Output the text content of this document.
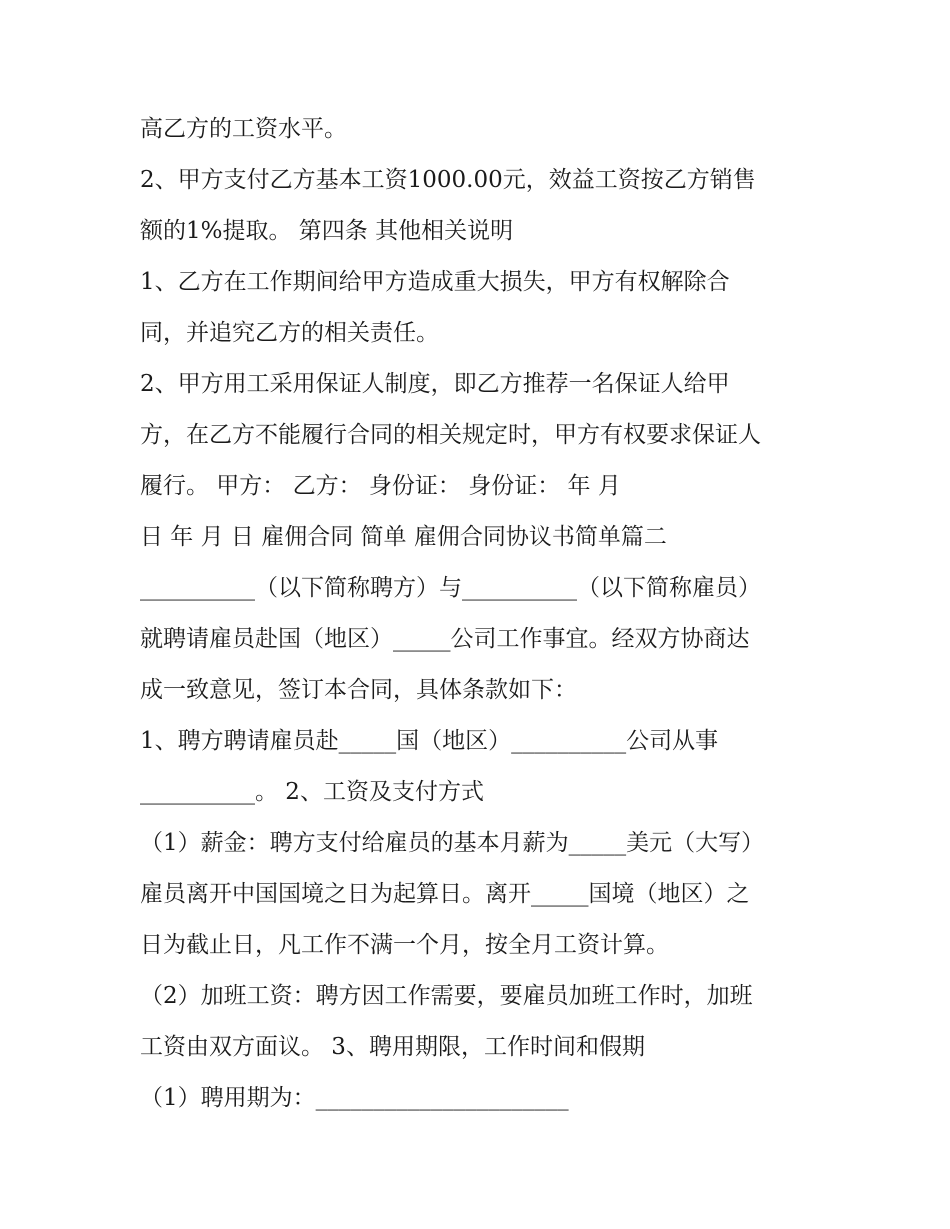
高乙方的工资水平。
2、甲方支付乙方基本工资1000.00元，效益工资按乙方销售
额的1%提取。 第四条 其他相关说明
1、乙方在工作期间给甲方造成重大损失，甲方有权解除合
同，并追究乙方的相关责任。
2、甲方用工采用保证人制度，即乙方推荐一名保证人给甲
方，在乙方不能履行合同的相关规定时，甲方有权要求保证人
履行。 甲方： 乙方： 身份证： 身份证： 年 月
日 年 月 日 雇佣合同 简单 雇佣合同协议书简单篇二
__________（以下简称聘方）与__________（以下简称雇员）
就聘请雇员赴国（地区）_____公司工作事宜。经双方协商达
成一致意见，签订本合同，具体条款如下：
1、聘方聘请雇员赴_____国（地区）__________公司从事
__________。 2、工资及支付方式
（1）薪金：聘方支付给雇员的基本月薪为_____美元（大写）
雇员离开中国国境之日为起算日。离开_____国境（地区）之
日为截止日，凡工作不满一个月，按全月工资计算。
（2）加班工资：聘方因工作需要，要雇员加班工作时，加班
工资由双方面议。 3、聘用期限，工作时间和假期
（1）聘用期为：______________________
